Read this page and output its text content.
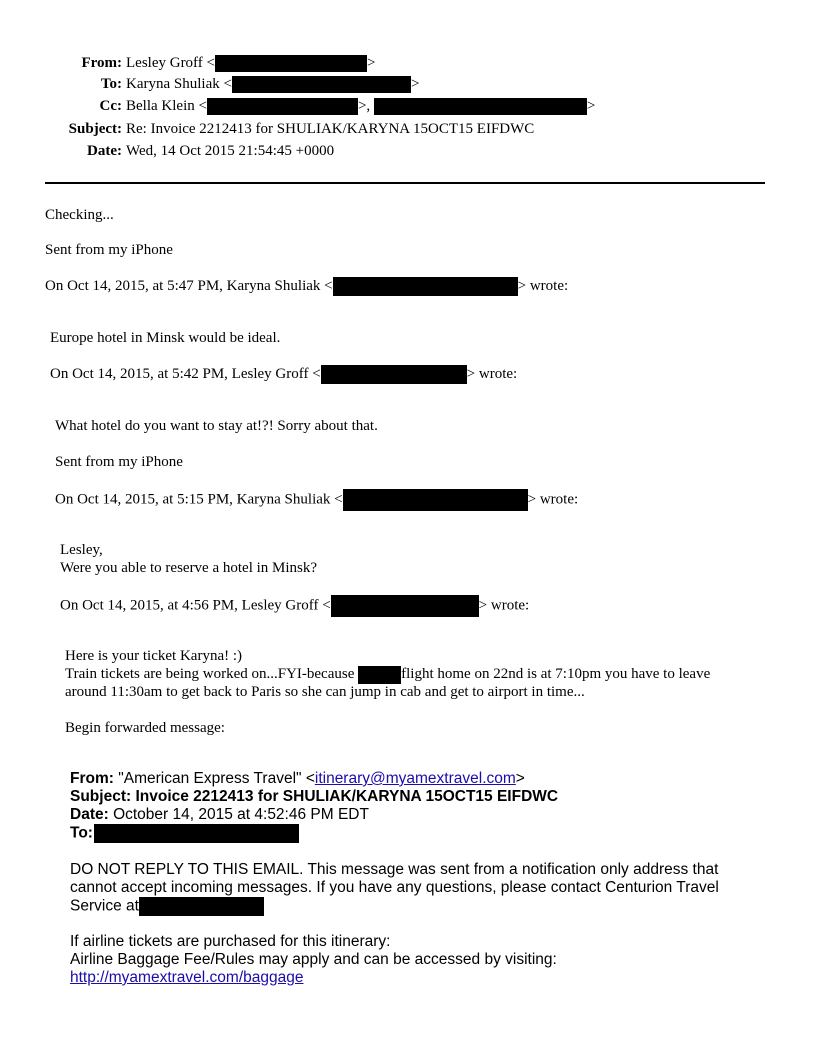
From: Lesley Groff <	>
To: Karyna Shuliak <	>
Cc: Bella Klein <	>,	>
Subject: Re: Invoice 2212413 for SHULIAK/KARYNA 15OCT15 EIFDWC
Date: Wed, 14 Oct 2015 21:54:45 +0000
Checking...
Sent from my iPhone
On Oct 14, 2015, at 5:47 PM, Karyna Shuliak <	> wrote:
Europe hotel in Minsk would be ideal.
On Oct 14, 2015, at 5:42 PM, Lesley Groff <	> wrote:
What hotel do you want to stay at!?! Sorry about that.
Sent from my iPhone
On Oct 14, 2015, at 5:15 PM, Karyna Shuliak <	> wrote:
Lesley,
Were you able to reserve a hotel in Minsk?
On Oct 14, 2015, at 4:56 PM, Lesley Groff <	> wrote:
Here is your ticket Karyna! :)
Train tickets are being worked on...FYI-because	flight home on 22nd is at 7:10pm you have to leave
around 11:30am to get back to Paris so she can jump in cab and get to airport in time...
Begin forwarded message:
From: "American Express Travel" <itinerary@myamextravel.com>
Subject: Invoice 2212413 for SHULIAK/KARYNA 15OCT15 EIFDWC
Date: October 14, 2015 at 4:52:46 PM EDT
To:
DO NOT REPLY TO THIS EMAIL. This message was sent from a notification only address that
cannot accept incoming messages. If you have any questions, please contact Centurion Travel
Service at
If airline tickets are purchased for this itinerary:
Airline Baggage Fee/Rules may apply and can be accessed by visiting:
http://myamextravel.com/baggage
